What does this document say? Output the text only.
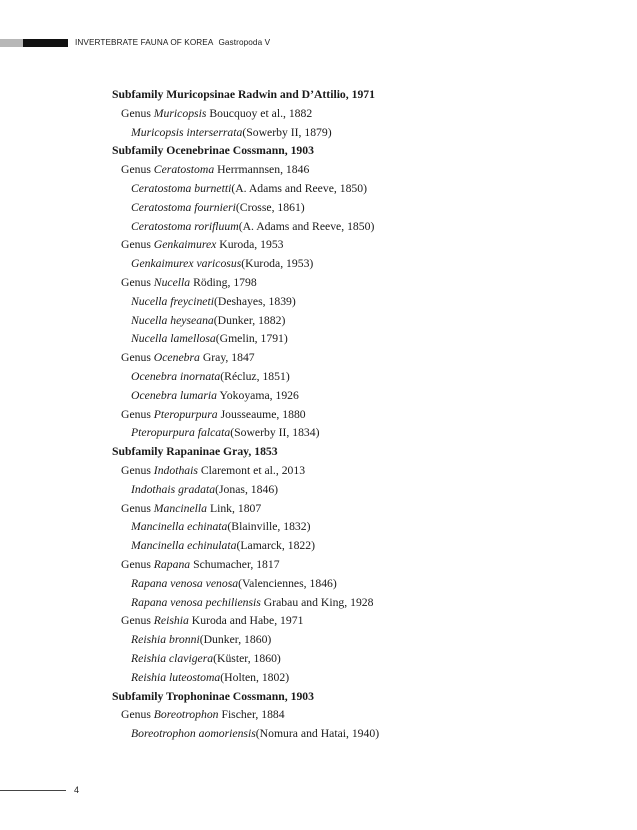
INVERTEBRATE FAUNA OF KOREA Gastropoda V
Subfamily Muricopsinae Radwin and D’Attilio, 1971
Genus Muricopsis Boucquoy et al., 1882
Muricopsis interserrata(Sowerby II, 1879)
Subfamily Ocenebrinae Cossmann, 1903
Genus Ceratostoma Herrmannsen, 1846
Ceratostoma burnetti(A. Adams and Reeve, 1850)
Ceratostoma fournieri(Crosse, 1861)
Ceratostoma rorifluum(A. Adams and Reeve, 1850)
Genus Genkaimurex Kuroda, 1953
Genkaimurex varicosus(Kuroda, 1953)
Genus Nucella Röding, 1798
Nucella freycineti(Deshayes, 1839)
Nucella heyseana(Dunker, 1882)
Nucella lamellosa(Gmelin, 1791)
Genus Ocenebra Gray, 1847
Ocenebra inornata(Récluz, 1851)
Ocenebra lumaria Yokoyama, 1926
Genus Pteropurpura Jousseaume, 1880
Pteropurpura falcata(Sowerby II, 1834)
Subfamily Rapaninae Gray, 1853
Genus Indothais Claremont et al., 2013
Indothais gradata(Jonas, 1846)
Genus Mancinella Link, 1807
Mancinella echinata(Blainville, 1832)
Mancinella echinulata(Lamarck, 1822)
Genus Rapana Schumacher, 1817
Rapana venosa venosa(Valenciennes, 1846)
Rapana venosa pechiliensis Grabau and King, 1928
Genus Reishia Kuroda and Habe, 1971
Reishia bronni(Dunker, 1860)
Reishia clavigera(Küster, 1860)
Reishia luteostoma(Holten, 1802)
Subfamily Trophoninae Cossmann, 1903
Genus Boreotrophon Fischer, 1884
Boreotrophon aomoriensis(Nomura and Hatai, 1940)
4
